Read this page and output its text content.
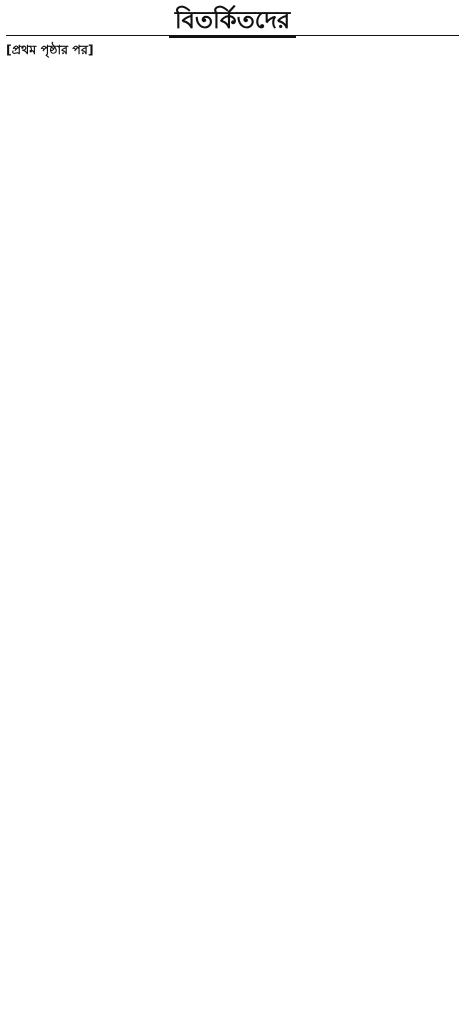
বিতর্কিতদের
[প্রথম পৃষ্ঠার পর]
